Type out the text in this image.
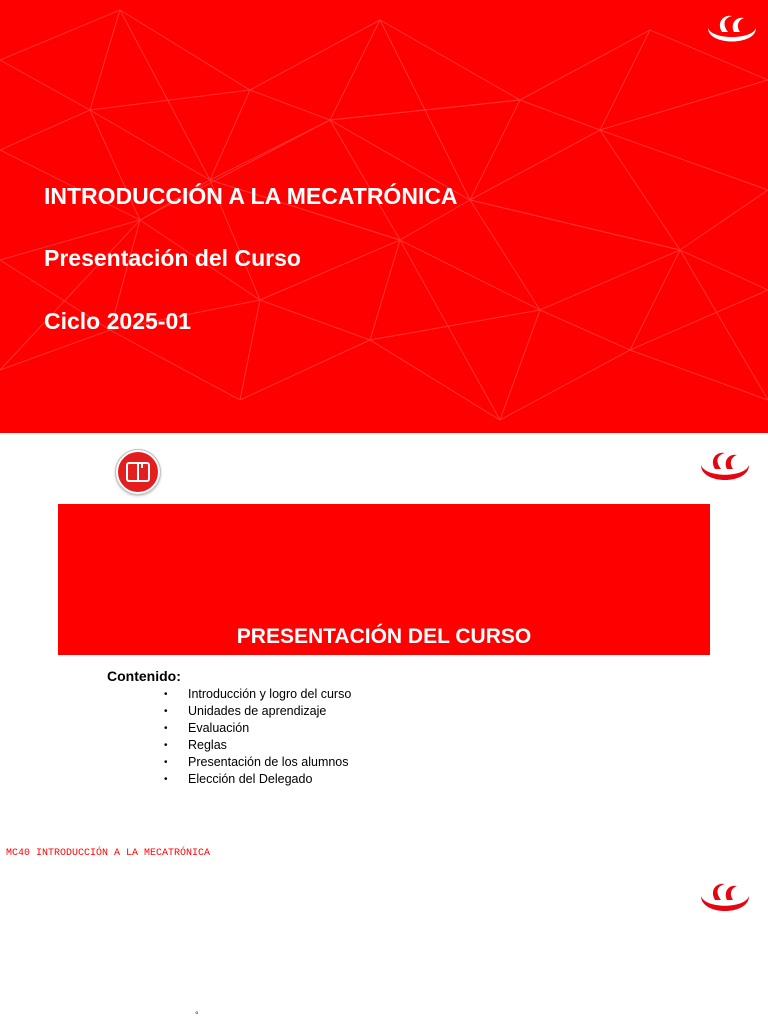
INTRODUCCIÓN A LA MECATRÓNICA
Presentación del Curso
Ciclo 2025-01
PRESENTACIÓN DEL CURSO
Contenido:
• Introducción y logro del curso
• Unidades de aprendizaje
• Evaluación
• Reglas
• Presentación de los alumnos
• Elección del Delegado
MC40 INTRODUCCIÓN A LA MECATRÓNICA
°
